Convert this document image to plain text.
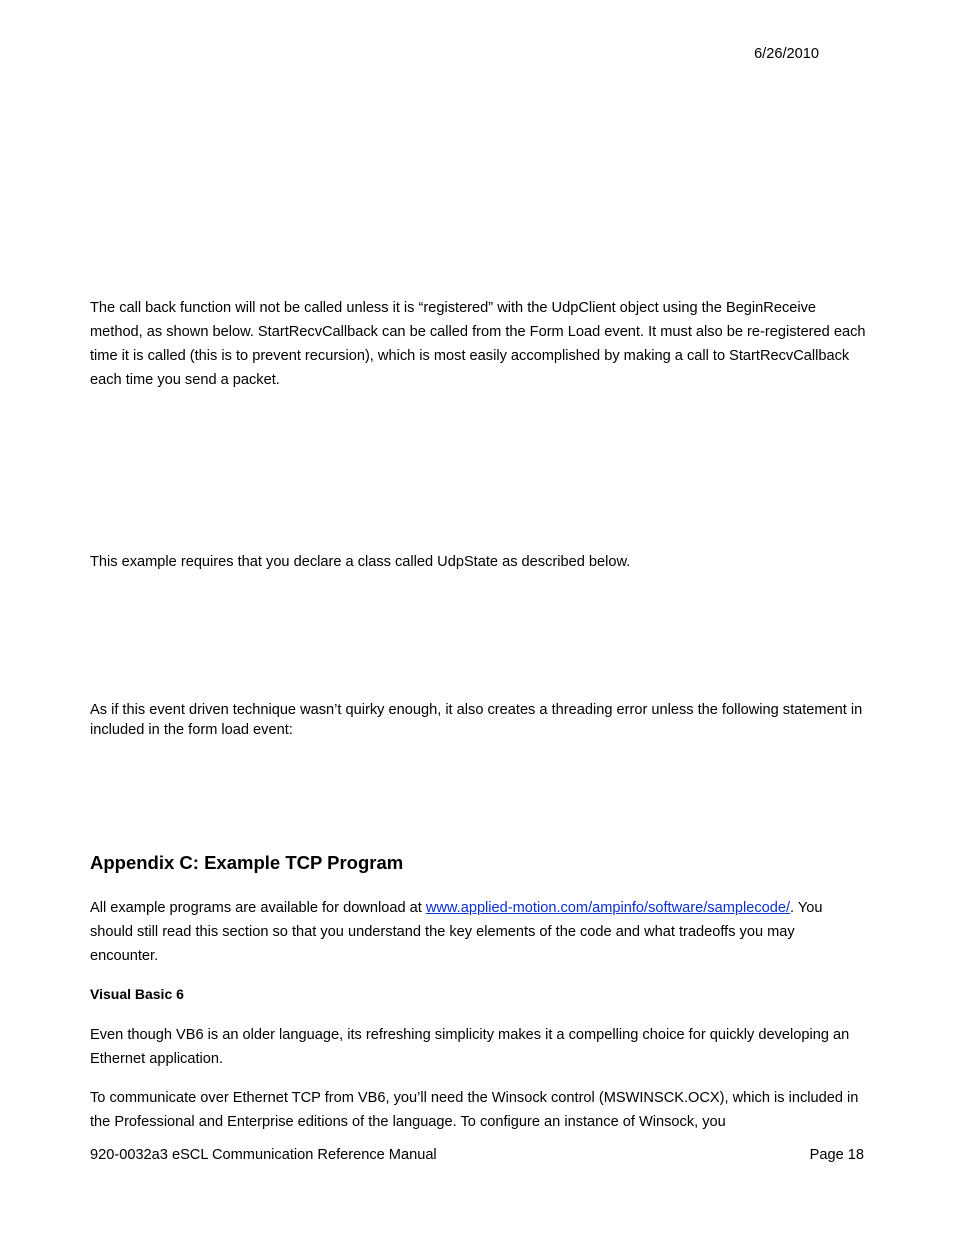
6/26/2010

The call back function will not be called unless it is “registered” with the UdpClient object using the BeginReceive method, as shown below. StartRecvCallback can be called from the Form Load event. It must also be re-registered each time it is called (this is to prevent recursion), which is most easily accomplished by making a call to StartRecvCallback each time you send a packet.

This example requires that you declare a class called UdpState as described below.

As if this event driven technique wasn’t quirky enough, it also creates a threading error unless the following statement in included in the form load event:

Appendix C: Example TCP Program

All example programs are available for download at www.applied-motion.com/ampinfo/software/samplecode/. You should still read this section so that you understand the key elements of the code and what tradeoffs you may encounter.

Visual Basic 6

Even though VB6 is an older language, its refreshing simplicity makes it a compelling choice for quickly developing an Ethernet application.

To communicate over Ethernet TCP from VB6, you’ll need the Winsock control (MSWINSCK.OCX), which is included in the Professional and Enterprise editions of the language. To configure an instance of Winsock, you

920-0032a3 eSCL Communication Reference Manual	Page 18
